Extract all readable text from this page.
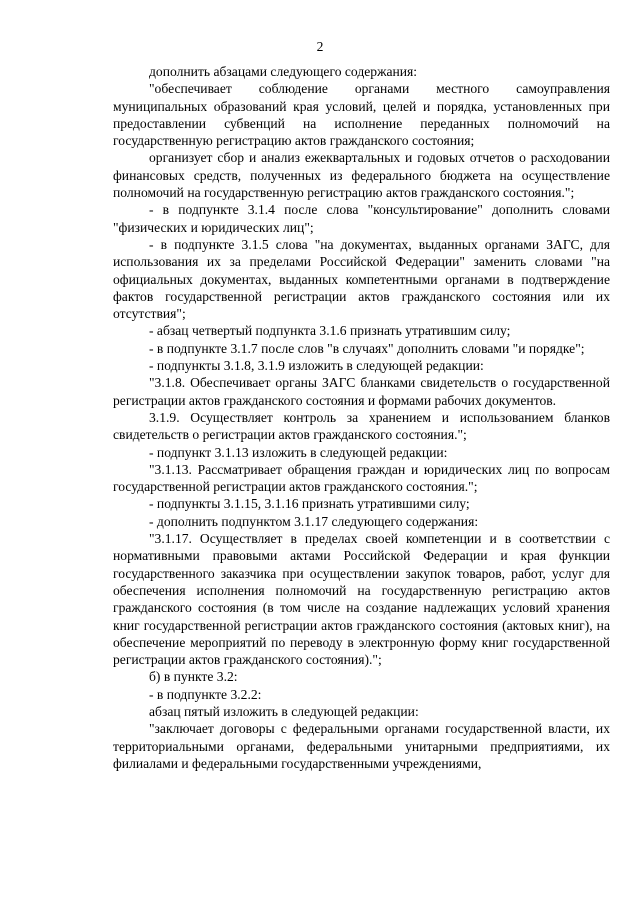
2

дополнить абзацами следующего содержания:

"обеспечивает соблюдение органами местного самоуправления муниципальных образований края условий, целей и порядка, установленных при предоставлении субвенций на исполнение переданных полномочий на государственную регистрацию актов гражданского состояния;

организует сбор и анализ ежеквартальных и годовых отчетов о расходовании финансовых средств, полученных из федерального бюджета на осуществление полномочий на государственную регистрацию актов гражданского состояния.";

- в подпункте 3.1.4 после слова "консультирование" дополнить словами "физических и юридических лиц";

- в подпункте 3.1.5 слова "на документах, выданных органами ЗАГС, для использования их за пределами Российской Федерации" заменить словами "на официальных документах, выданных компетентными органами в подтверждение фактов государственной регистрации актов гражданского состояния или их отсутствия";

- абзац четвертый подпункта 3.1.6 признать утратившим силу;

- в подпункте 3.1.7 после слов "в случаях" дополнить словами "и порядке";

- подпункты 3.1.8, 3.1.9 изложить в следующей редакции:

"3.1.8. Обеспечивает органы ЗАГС бланками свидетельств о государственной регистрации актов гражданского состояния и формами рабочих документов.

3.1.9. Осуществляет контроль за хранением и использованием бланков свидетельств о регистрации актов гражданского состояния.";

- подпункт 3.1.13 изложить в следующей редакции:

"3.1.13. Рассматривает обращения граждан и юридических лиц по вопросам государственной регистрации актов гражданского состояния.";

- подпункты 3.1.15, 3.1.16 признать утратившими силу;

- дополнить подпунктом 3.1.17 следующего содержания:

"3.1.17. Осуществляет в пределах своей компетенции и в соответствии с нормативными правовыми актами Российской Федерации и края функции государственного заказчика при осуществлении закупок товаров, работ, услуг для обеспечения исполнения полномочий на государственную регистрацию актов гражданского состояния (в том числе на создание надлежащих условий хранения книг государственной регистрации актов гражданского состояния (актовых книг), на обеспечение мероприятий по переводу в электронную форму книг государственной регистрации актов гражданского состояния).";

б) в пункте 3.2:

- в подпункте 3.2.2:

абзац пятый изложить в следующей редакции:

"заключает договоры с федеральными органами государственной власти, их территориальными органами, федеральными унитарными предприятиями, их филиалами и федеральными государственными учреждениями,
